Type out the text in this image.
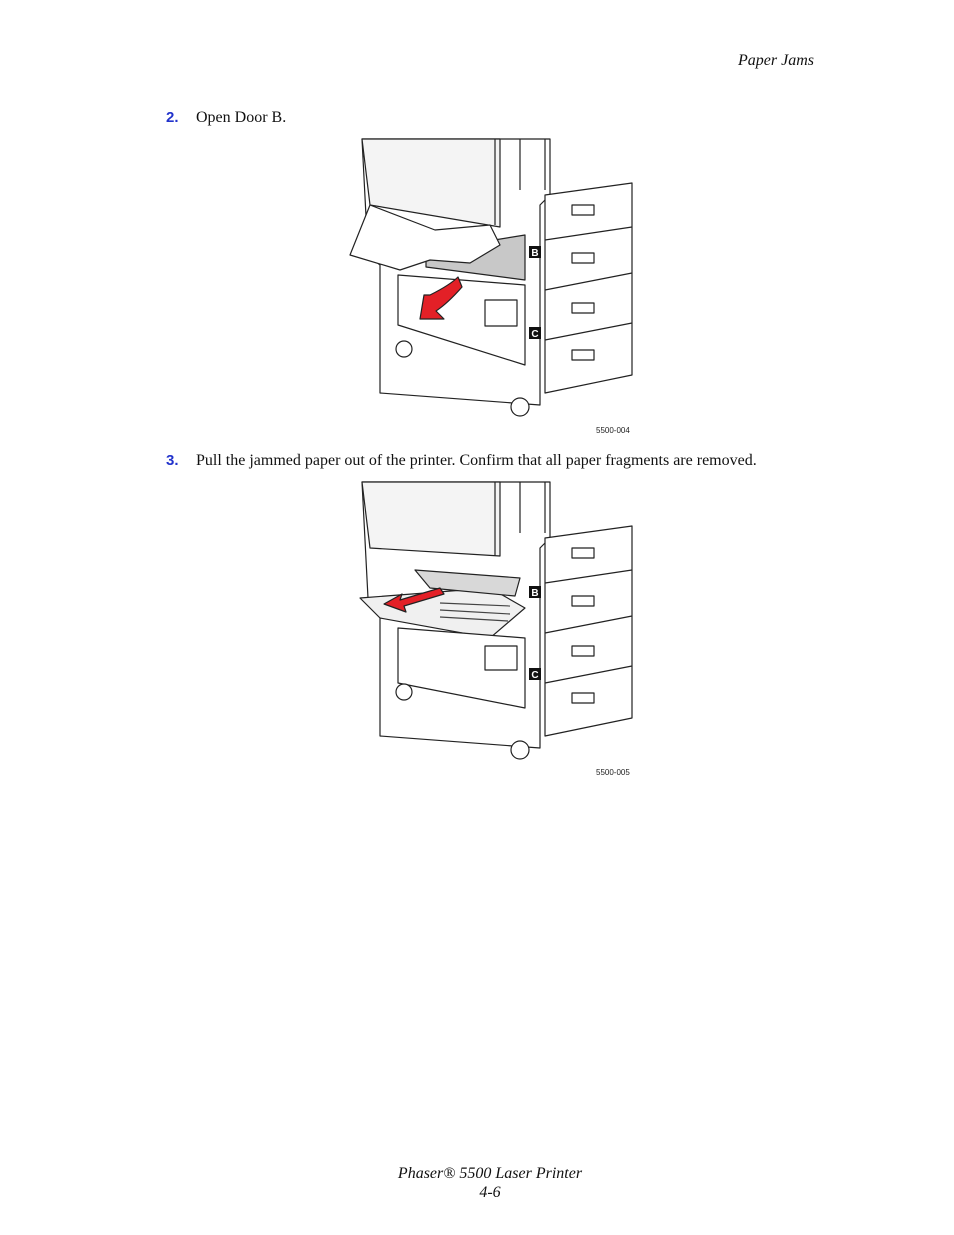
Paper Jams
2. Open Door B.
B
C
5500-004
3. Pull the jammed paper out of the printer. Confirm that all paper fragments are removed.
B
C
5500-005
Phaser® 5500 Laser Printer
4-6
